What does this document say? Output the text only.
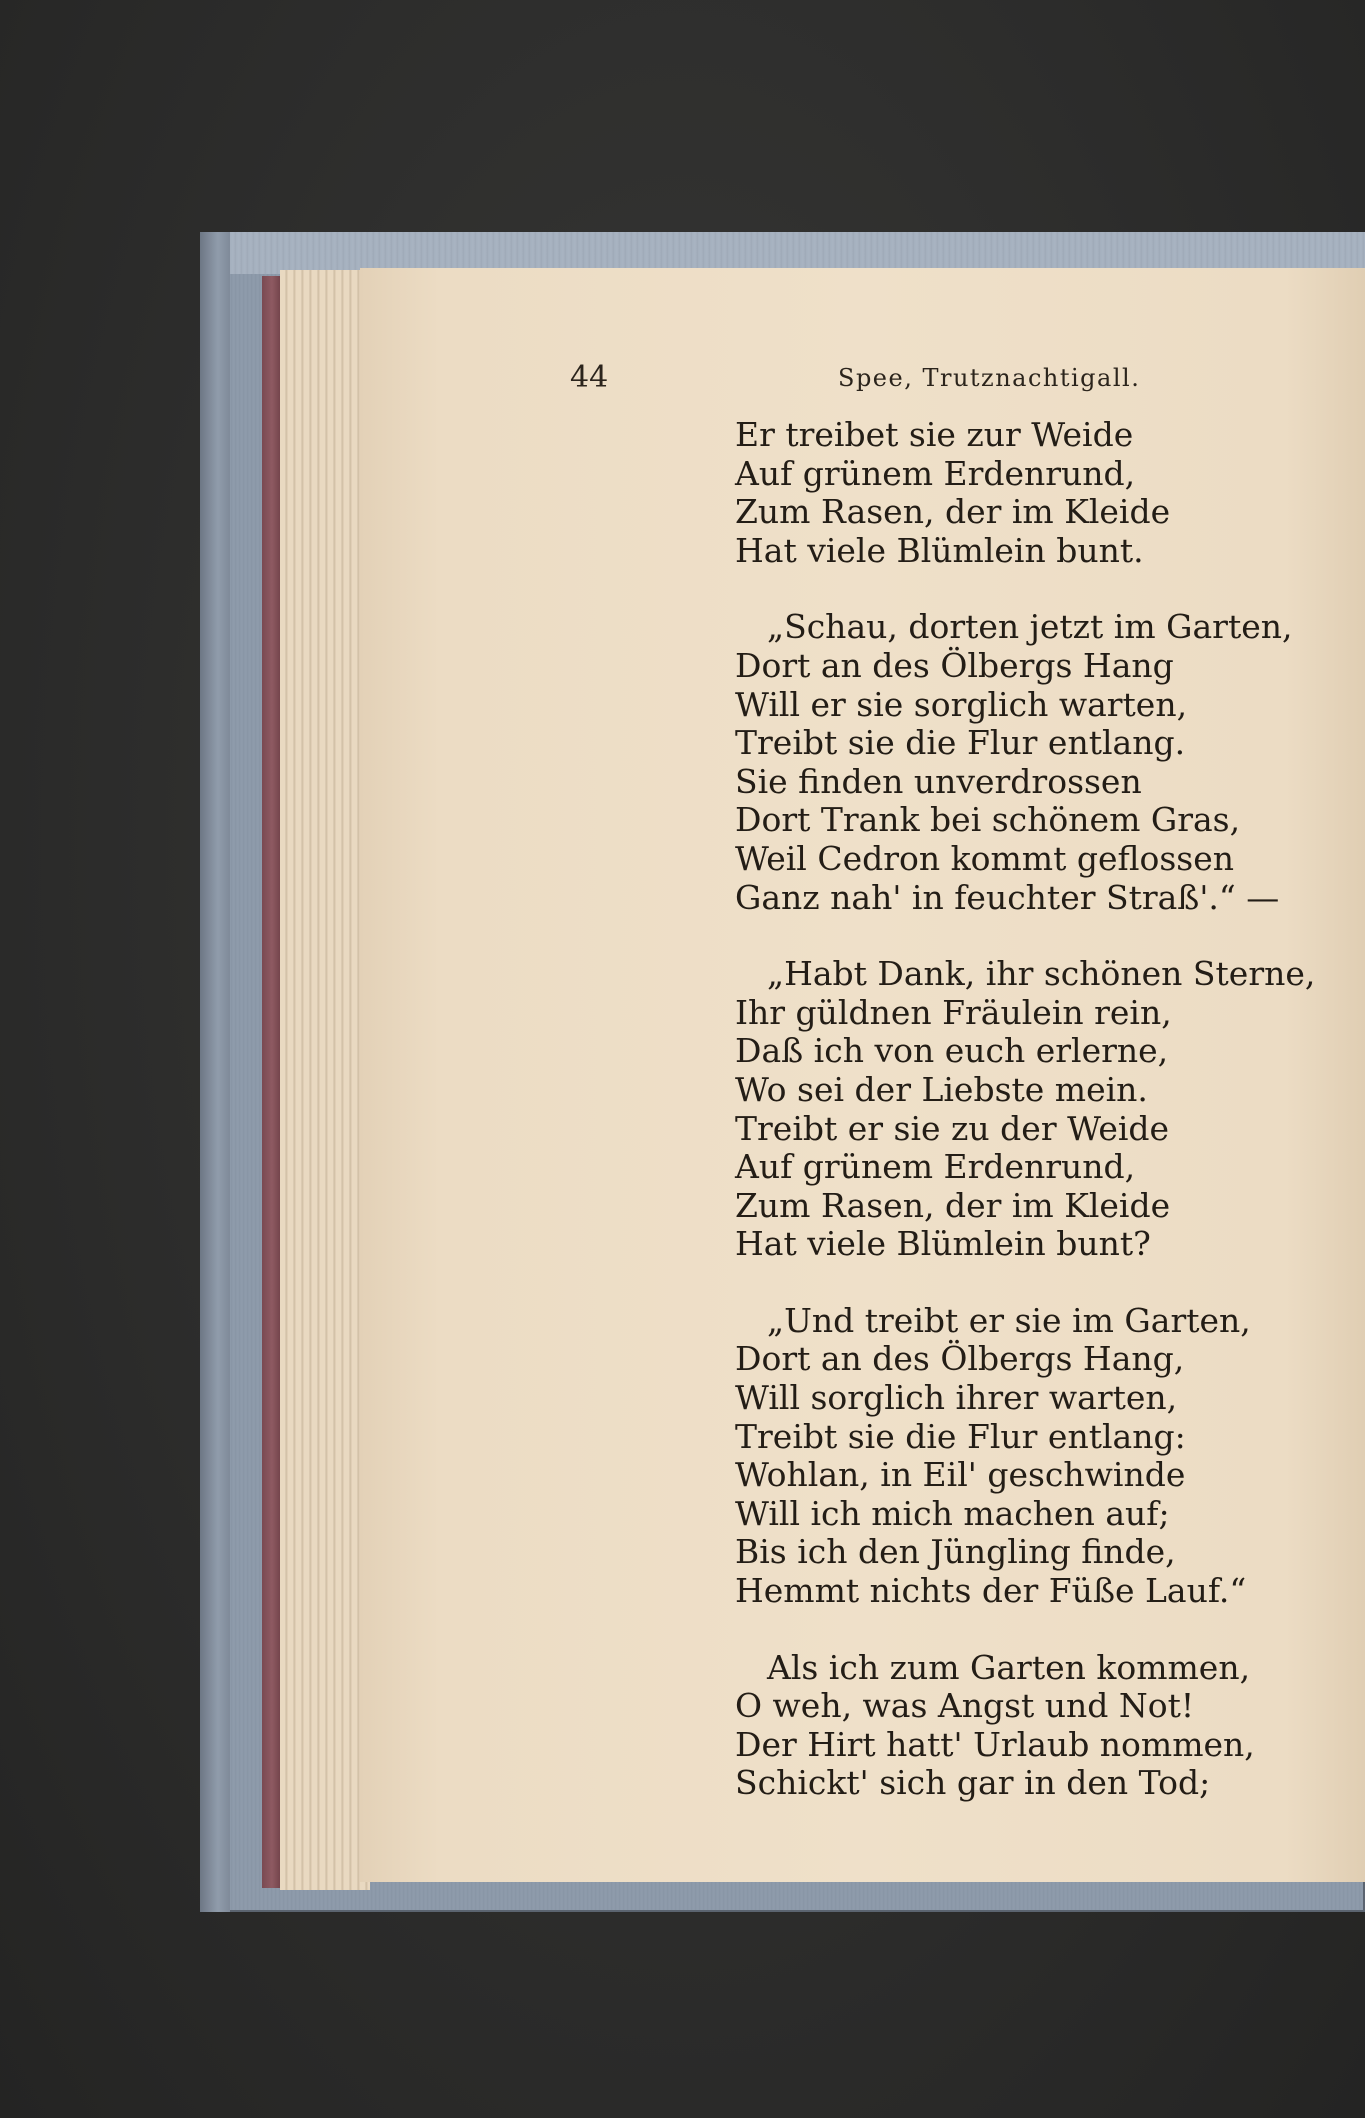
44	Spee, Trutznachtigall.
Er treibet sie zur Weide
Auf grünem Erdenrund,
Zum Rasen, der im Kleide
Hat viele Blümlein bunt.
„Schau, dorten jetzt im Garten,
Dort an des Ölbergs Hang
Will er sie sorglich warten,
Treibt sie die Flur entlang.
Sie finden unverdrossen
Dort Trank bei schönem Gras,
Weil Cedron kommt geflossen
Ganz nah' in feuchter Straß'.“ —
„Habt Dank, ihr schönen Sterne,
Ihr güldnen Fräulein rein,
Daß ich von euch erlerne,
Wo sei der Liebste mein.
Treibt er sie zu der Weide
Auf grünem Erdenrund,
Zum Rasen, der im Kleide
Hat viele Blümlein bunt?
„Und treibt er sie im Garten,
Dort an des Ölbergs Hang,
Will sorglich ihrer warten,
Treibt sie die Flur entlang:
Wohlan, in Eil' geschwinde
Will ich mich machen auf;
Bis ich den Jüngling finde,
Hemmt nichts der Füße Lauf.“
Als ich zum Garten kommen,
O weh, was Angst und Not!
Der Hirt hatt' Urlaub nommen,
Schickt' sich gar in den Tod;
